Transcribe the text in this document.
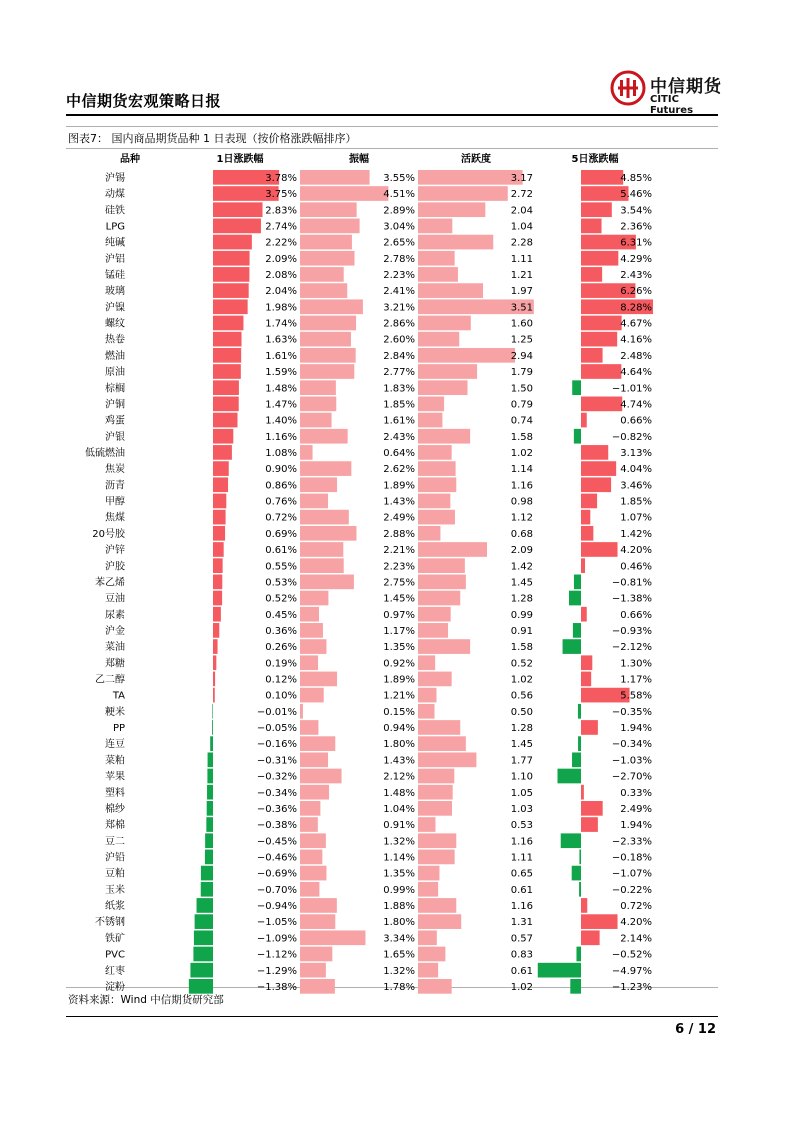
中信期货宏观策略日报
中信期货
CITIC Futures
图表7： 国内商品期货品种 1 日表现（按价格涨跌幅排序）
品种	1日涨跌幅	振幅	活跃度	5日涨跌幅
沪锡	3.78%	3.55%	3.17	4.85%
动煤	3.75%	4.51%	2.72	5.46%
硅铁	2.83%	2.89%	2.04	3.54%
LPG	2.74%	3.04%	1.04	2.36%
纯碱	2.22%	2.65%	2.28	6.31%
沪铝	2.09%	2.78%	1.11	4.29%
锰硅	2.08%	2.23%	1.21	2.43%
玻璃	2.04%	2.41%	1.97	6.26%
沪镍	1.98%	3.21%	3.51	8.28%
螺纹	1.74%	2.86%	1.60	4.67%
热卷	1.63%	2.60%	1.25	4.16%
燃油	1.61%	2.84%	2.94	2.48%
原油	1.59%	2.77%	1.79	4.64%
棕榈	1.48%	1.83%	1.50	−1.01%
沪铜	1.47%	1.85%	0.79	4.74%
鸡蛋	1.40%	1.61%	0.74	0.66%
沪银	1.16%	2.43%	1.58	−0.82%
低硫燃油	1.08%	0.64%	1.02	3.13%
焦炭	0.90%	2.62%	1.14	4.04%
沥青	0.86%	1.89%	1.16	3.46%
甲醇	0.76%	1.43%	0.98	1.85%
焦煤	0.72%	2.49%	1.12	1.07%
20号胶	0.69%	2.88%	0.68	1.42%
沪锌	0.61%	2.21%	2.09	4.20%
沪胶	0.55%	2.23%	1.42	0.46%
苯乙烯	0.53%	2.75%	1.45	−0.81%
豆油	0.52%	1.45%	1.28	−1.38%
尿素	0.45%	0.97%	0.99	0.66%
沪金	0.36%	1.17%	0.91	−0.93%
菜油	0.26%	1.35%	1.58	−2.12%
郑糖	0.19%	0.92%	0.52	1.30%
乙二醇	0.12%	1.89%	1.02	1.17%
TA	0.10%	1.21%	0.56	5.58%
粳米	−0.01%	0.15%	0.50	−0.35%
PP	−0.05%	0.94%	1.28	1.94%
连豆	−0.16%	1.80%	1.45	−0.34%
菜粕	−0.31%	1.43%	1.77	−1.03%
苹果	−0.32%	2.12%	1.10	−2.70%
塑料	−0.34%	1.48%	1.05	0.33%
棉纱	−0.36%	1.04%	1.03	2.49%
郑棉	−0.38%	0.91%	0.53	1.94%
豆二	−0.45%	1.32%	1.16	−2.33%
沪铅	−0.46%	1.14%	1.11	−0.18%
豆粕	−0.69%	1.35%	0.65	−1.07%
玉米	−0.70%	0.99%	0.61	−0.22%
纸浆	−0.94%	1.88%	1.16	0.72%
不锈钢	−1.05%	1.80%	1.31	4.20%
铁矿	−1.09%	3.34%	0.57	2.14%
PVC	−1.12%	1.65%	0.83	−0.52%
红枣	−1.29%	1.32%	0.61	−4.97%
淀粉	−1.38%	1.78%	1.02	−1.23%
资料来源：Wind 中信期货研究部
6 / 12
